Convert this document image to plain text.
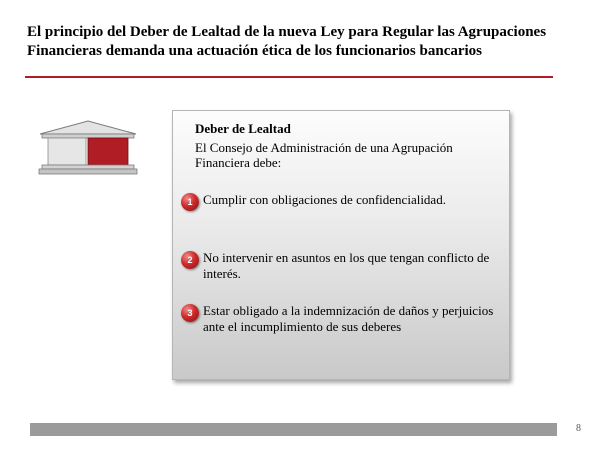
El principio del Deber de Lealtad de la nueva Ley para Regular las Agrupaciones Financieras demanda una actuación ética de los funcionarios bancarios
Deber de Lealtad
El Consejo de Administración de una Agrupación Financiera debe:
1 Cumplir con obligaciones de confidencialidad.
2 No intervenir en asuntos en los que tengan conflicto de interés.
3 Estar obligado a la indemnización de daños y perjuicios ante el incumplimiento de sus deberes
8
